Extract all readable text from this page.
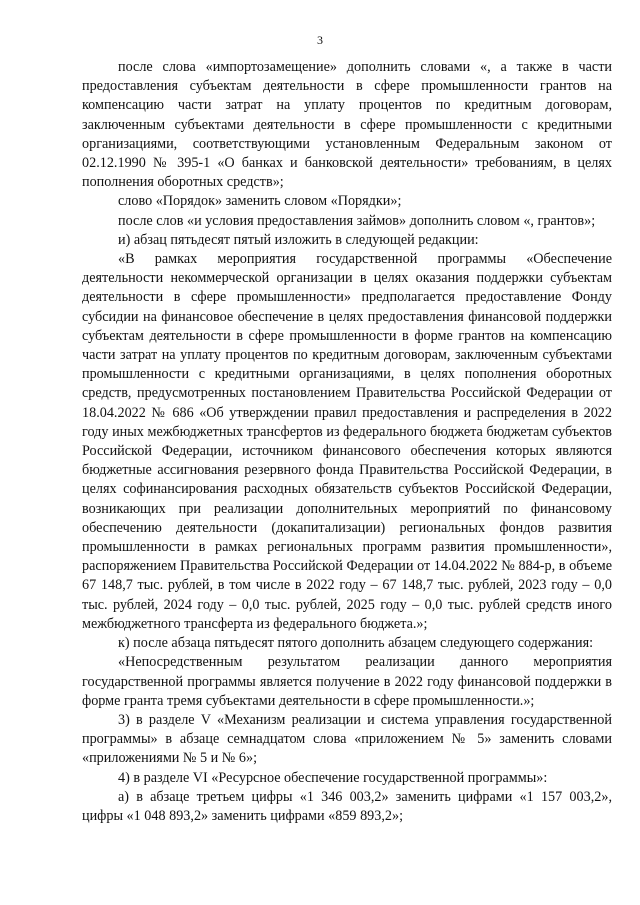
3

после слова «импортозамещение» дополнить словами «, а также в части предоставления субъектам деятельности в сфере промышленности грантов на компенсацию части затрат на уплату процентов по кредитным договорам, заключенным субъектами деятельности в сфере промышленности с кредитными организациями, соответствующими установленным Федеральным законом от 02.12.1990 № 395-1 «О банках и банковской деятельности» требованиям, в целях пополнения оборотных средств»;

слово «Порядок» заменить словом «Порядки»;

после слов «и условия предоставления займов» дополнить словом «, грантов»;

и) абзац пятьдесят пятый изложить в следующей редакции:

«В рамках мероприятия государственной программы «Обеспечение деятельности некоммерческой организации в целях оказания поддержки субъектам деятельности в сфере промышленности» предполагается предоставление Фонду субсидии на финансовое обеспечение в целях предоставления финансовой поддержки субъектам деятельности в сфере промышленности в форме грантов на компенсацию части затрат на уплату процентов по кредитным договорам, заключенным субъектами промышленности с кредитными организациями, в целях пополнения оборотных средств, предусмотренных постановлением Правительства Российской Федерации от 18.04.2022 № 686 «Об утверждении правил предоставления и распределения в 2022 году иных межбюджетных трансфертов из федерального бюджета бюджетам субъектов Российской Федерации, источником финансового обеспечения которых являются бюджетные ассигнования резервного фонда Правительства Российской Федерации, в целях софинансирования расходных обязательств субъектов Российской Федерации, возникающих при реализации дополнительных мероприятий по финансовому обеспечению деятельности (докапитализации) региональных фондов развития промышленности в рамках региональных программ развития промышленности», распоряжением Правительства Российской Федерации от 14.04.2022 № 884-р, в объеме 67 148,7 тыс. рублей, в том числе в 2022 году – 67 148,7 тыс. рублей, 2023 году – 0,0 тыс. рублей, 2024 году – 0,0 тыс. рублей, 2025 году – 0,0 тыс. рублей средств иного межбюджетного трансферта из федерального бюджета.»;

к) после абзаца пятьдесят пятого дополнить абзацем следующего содержания:

«Непосредственным результатом реализации данного мероприятия государственной программы является получение в 2022 году финансовой поддержки в форме гранта тремя субъектами деятельности в сфере промышленности.»;

3) в разделе V «Механизм реализации и система управления государственной программы» в абзаце семнадцатом слова «приложением № 5» заменить словами «приложениями № 5 и № 6»;

4) в разделе VI «Ресурсное обеспечение государственной программы»:

а) в абзаце третьем цифры «1 346 003,2» заменить цифрами «1 157 003,2», цифры «1 048 893,2» заменить цифрами «859 893,2»;
